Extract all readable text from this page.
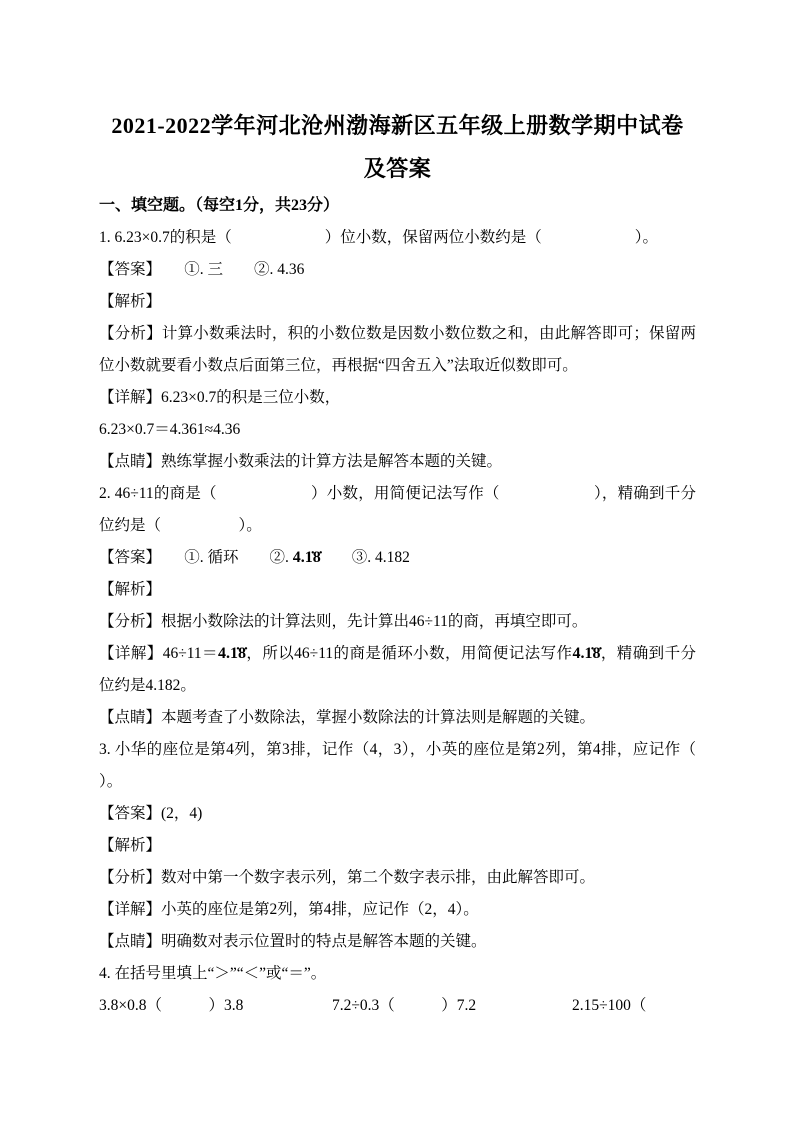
2021-2022学年河北沧州渤海新区五年级上册数学期中试卷
及答案
一、填空题。（每空1分，共23分）

1. 6.23×0.7的积是（　　　　　　）位小数，保留两位小数约是（　　　　　　）。

【答案】　　①. 三　　②. 4.36

【解析】

【分析】计算小数乘法时，积的小数位数是因数小数位数之和，由此解答即可；保留两位小数就要看小数点后面第三位，再根据“四舍五入”法取近似数即可。

【详解】6.23×0.7的积是三位小数，

6.23×0.7＝4.361≈4.36

【点睛】熟练掌握小数乘法的计算方法是解答本题的关键。

2. 46÷11的商是（　　　　　　）小数，用简便记法写作（　　　　　　），精确到千分位约是（　　　　　）。

【答案】　　①. 循环　　②. 4.1̇8̇　　③. 4.182

【解析】

【分析】根据小数除法的计算法则，先计算出46÷11的商，再填空即可。

【详解】46÷11＝4.1̇8̇，所以46÷11的商是循环小数，用简便记法写作4.1̇8̇，精确到千分位约是4.182。

【点睛】本题考查了小数除法，掌握小数除法的计算法则是解题的关键。

3. 小华的座位是第4列，第3排，记作（4，3），小英的座位是第2列，第4排，应记作（　　　　　）。

【答案】(2，4)

【解析】

【分析】数对中第一个数字表示列，第二个数字表示排，由此解答即可。

【详解】小英的座位是第2列，第4排，应记作（2，4）。

【点睛】明确数对表示位置时的特点是解答本题的关键。

4. 在括号里填上“＞”“＜”或“＝”。

3.8×0.8（　　　）3.8	7.2÷0.3（　　　）7.2	2.15÷100（
